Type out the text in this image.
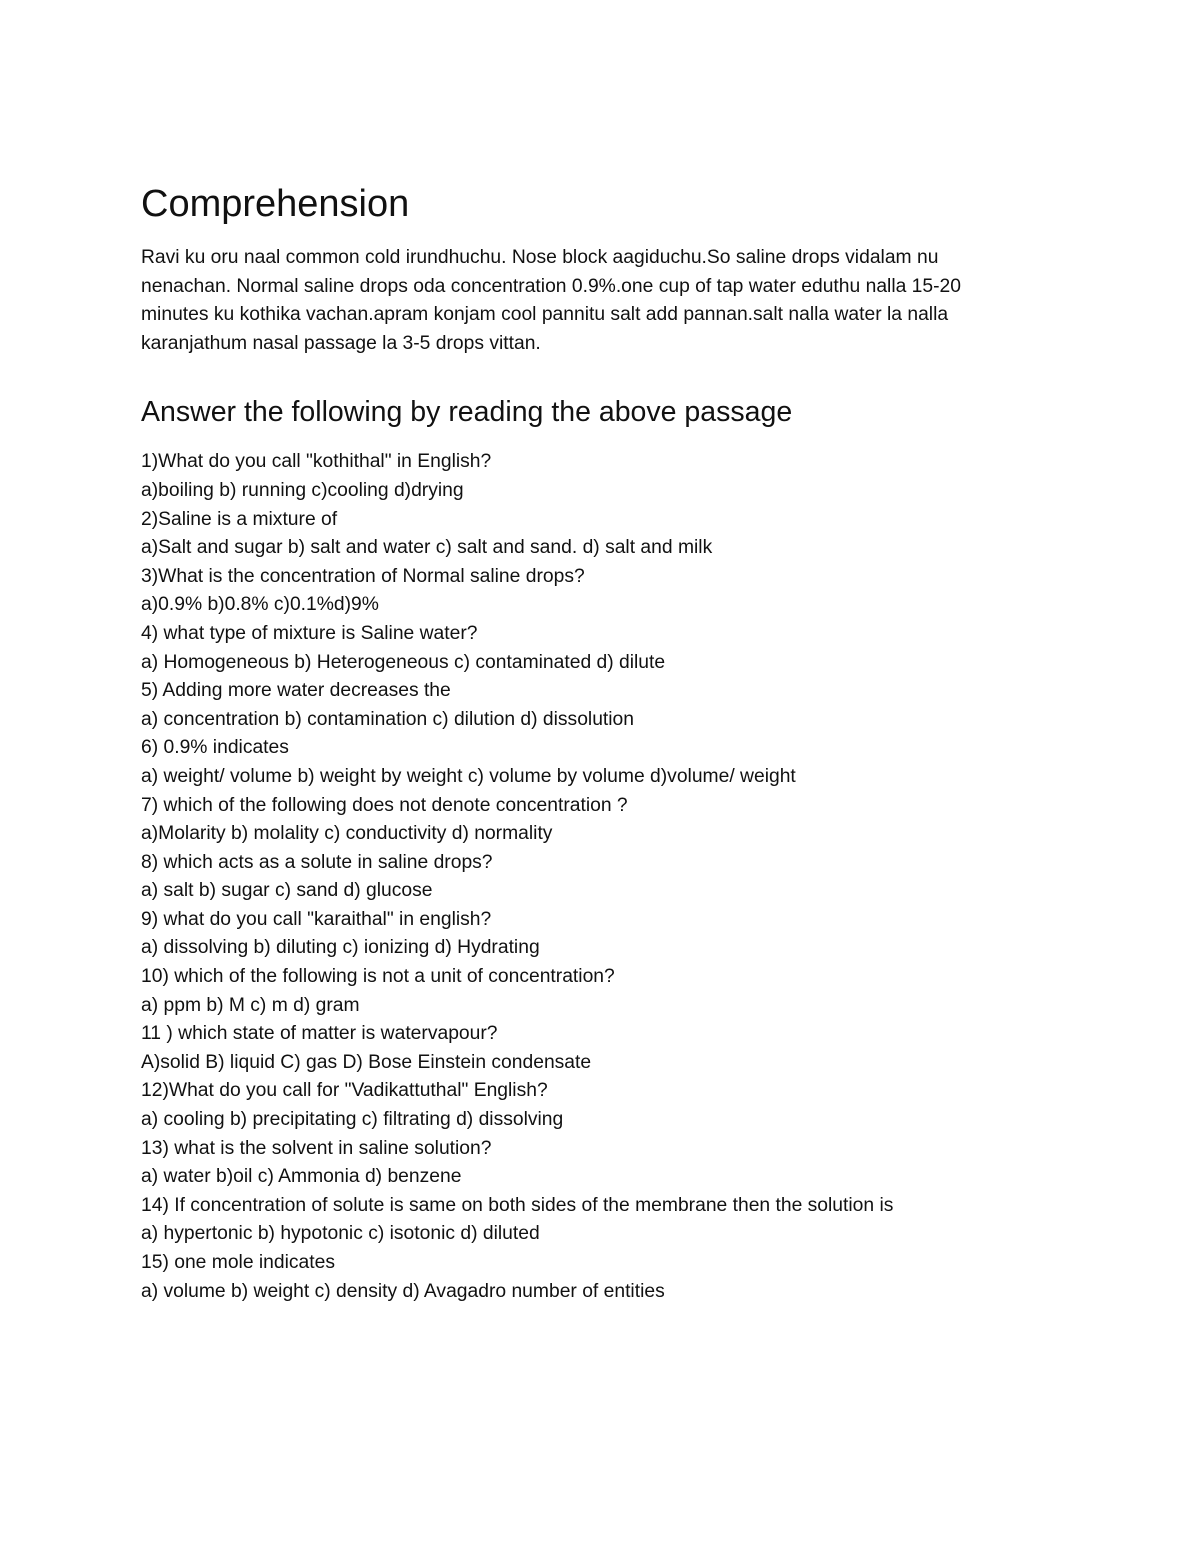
Comprehension

Ravi ku oru naal common cold irundhuchu. Nose block aagiduchu.So saline drops vidalam nu
nenachan. Normal saline drops oda concentration 0.9%.one cup of tap water eduthu nalla 15-20
minutes ku kothika vachan.apram konjam cool pannitu salt add pannan.salt nalla water la nalla
karanjathum nasal passage la 3-5 drops vittan.

Answer the following by reading the above passage
1)What do you call "kothithal" in English?
a)boiling b) running c)cooling d)drying
2)Saline is a mixture of
a)Salt and sugar b) salt and water c) salt and sand. d) salt and milk
3)What is the concentration of Normal saline drops?
a)0.9% b)0.8% c)0.1%d)9%
4) what type of mixture is Saline water?
a) Homogeneous b) Heterogeneous c) contaminated d) dilute
5) Adding more water decreases the
a) concentration b) contamination c) dilution d) dissolution
6) 0.9% indicates
a) weight/ volume b) weight by weight c) volume by volume d)volume/ weight
7) which of the following does not denote concentration ?
a)Molarity b) molality c) conductivity d) normality
8) which acts as a solute in saline drops?
a) salt b) sugar c) sand d) glucose
9) what do you call "karaithal" in english?
a) dissolving b) diluting c) ionizing d) Hydrating
10) which of the following is not a unit of concentration?
a) ppm b) M c) m d) gram
11 ) which state of matter is watervapour?
A)solid B) liquid C) gas D) Bose Einstein condensate
12)What do you call for "Vadikattuthal" English?
a) cooling b) precipitating c) filtrating d) dissolving
13) what is the solvent in saline solution?
a) water b)oil c) Ammonia d) benzene
14) If concentration of solute is same on both sides of the membrane then the solution is
a) hypertonic b) hypotonic c) isotonic d) diluted
15) one mole indicates
a) volume b) weight c) density d) Avagadro number of entities
